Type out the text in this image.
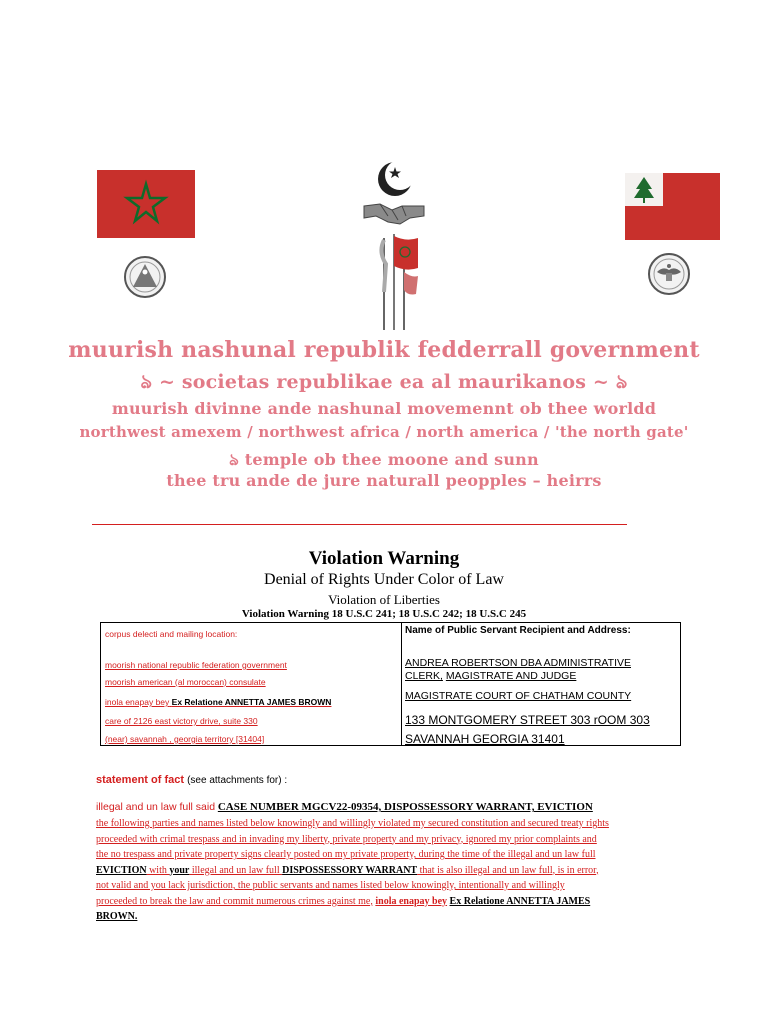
muurish nashunal republik fedderrall government
ঌ ~ societas republikae ea al maurikanos ~ ঌ
muurish divinne ande nashunal movemennt ob thee worldd
northwest amexem / northwest africa / north america / 'the north gate'
ঌ temple ob thee moone and sunn
thee tru ande de jure naturall peopples – heirrs
Violation Warning
Denial of Rights Under Color of Law
Violation of Liberties
Violation Warning 18 U.S.C 241; 18 U.S.C 242; 18 U.S.C 245
corpus delecti and mailing location:
moorish national republic federation government
moorish american (al moroccan) consulate
inola enapay bey Ex Relatione ANNETTA JAMES BROWN
care of 2126 east victory drive, suite 330
(near) savannah , georgia territory [31404]

Name of Public Servant Recipient and Address:
ANDREA ROBERTSON DBA ADMINISTRATIVE
CLERK, MAGISTRATE AND JUDGE
MAGISTRATE COURT OF CHATHAM COUNTY
133 MONTGOMERY STREET 303 rOOM 303
SAVANNAH GEORGIA 31401
statement of fact (see attachments for) :
illegal and un law full said CASE NUMBER MGCV22-09354, DISPOSSESSORY WARRANT, EVICTION
the following parties and names listed below knowingly and willingly violated my secured constitution and secured treaty rights
proceeded with crimal trespass and in invading my liberty, private property and my privacy, ignored my prior complaints and
the no trespass and private property signs clearly posted on my private property, during the time of the illegal and un law full
EVICTION with your illegal and un law full DISPOSSESSORY WARRANT that is also illegal and un law full, is in error,
not valid and you lack jurisdiction, the public servants and names listed below knowingly, intentionally and willingly
proceeded to break the law and commit numerous crimes against me, inola enapay bey Ex Relatione ANNETTA JAMES
BROWN.
